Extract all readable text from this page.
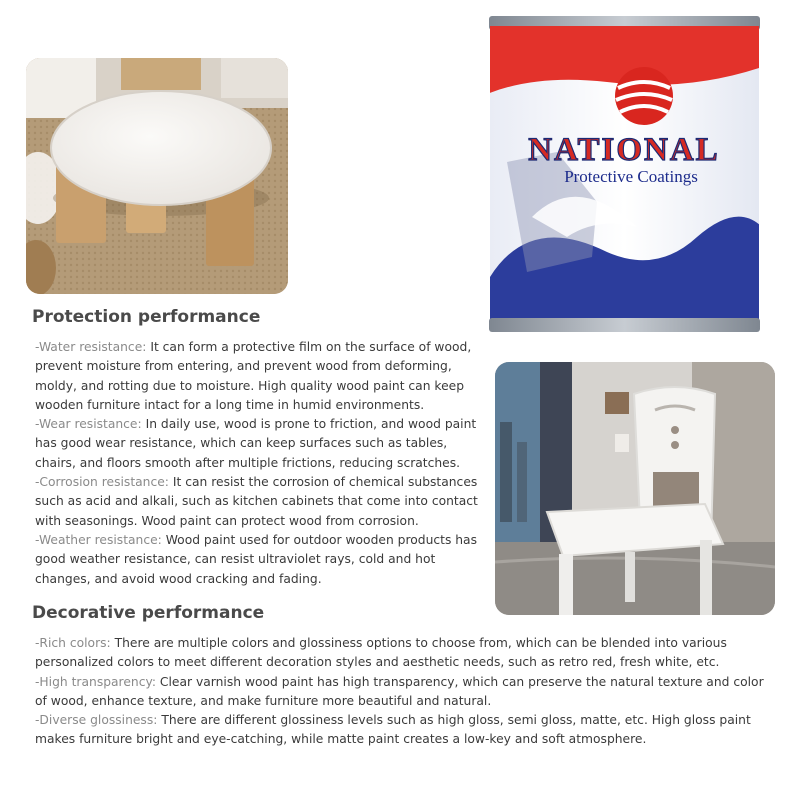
NATIONAL
Protective Coatings
Protection performance

-Water resistance: It can form a protective film on the surface of wood, prevent moisture from entering, and prevent wood from deforming, moldy, and rotting due to moisture. High quality wood paint can keep wooden furniture intact for a long time in humid environments.

-Wear resistance: In daily use, wood is prone to friction, and wood paint has good wear resistance, which can keep surfaces such as tables, chairs, and floors smooth after multiple frictions, reducing scratches.

-Corrosion resistance: It can resist the corrosion of chemical substances such as acid and alkali, such as kitchen cabinets that come into contact with seasonings. Wood paint can protect wood from corrosion.

-Weather resistance: Wood paint used for outdoor wooden products has good weather resistance, can resist ultraviolet rays, cold and hot changes, and avoid wood cracking and fading.

Decorative performance

-Rich colors: There are multiple colors and glossiness options to choose from, which can be blended into various personalized colors to meet different decoration styles and aesthetic needs, such as retro red, fresh white, etc.

-High transparency: Clear varnish wood paint has high transparency, which can preserve the natural texture and color of wood, enhance texture, and make furniture more beautiful and natural.

-Diverse glossiness: There are different glossiness levels such as high gloss, semi gloss, matte, etc. High gloss paint makes furniture bright and eye-catching, while matte paint creates a low-key and soft atmosphere.
